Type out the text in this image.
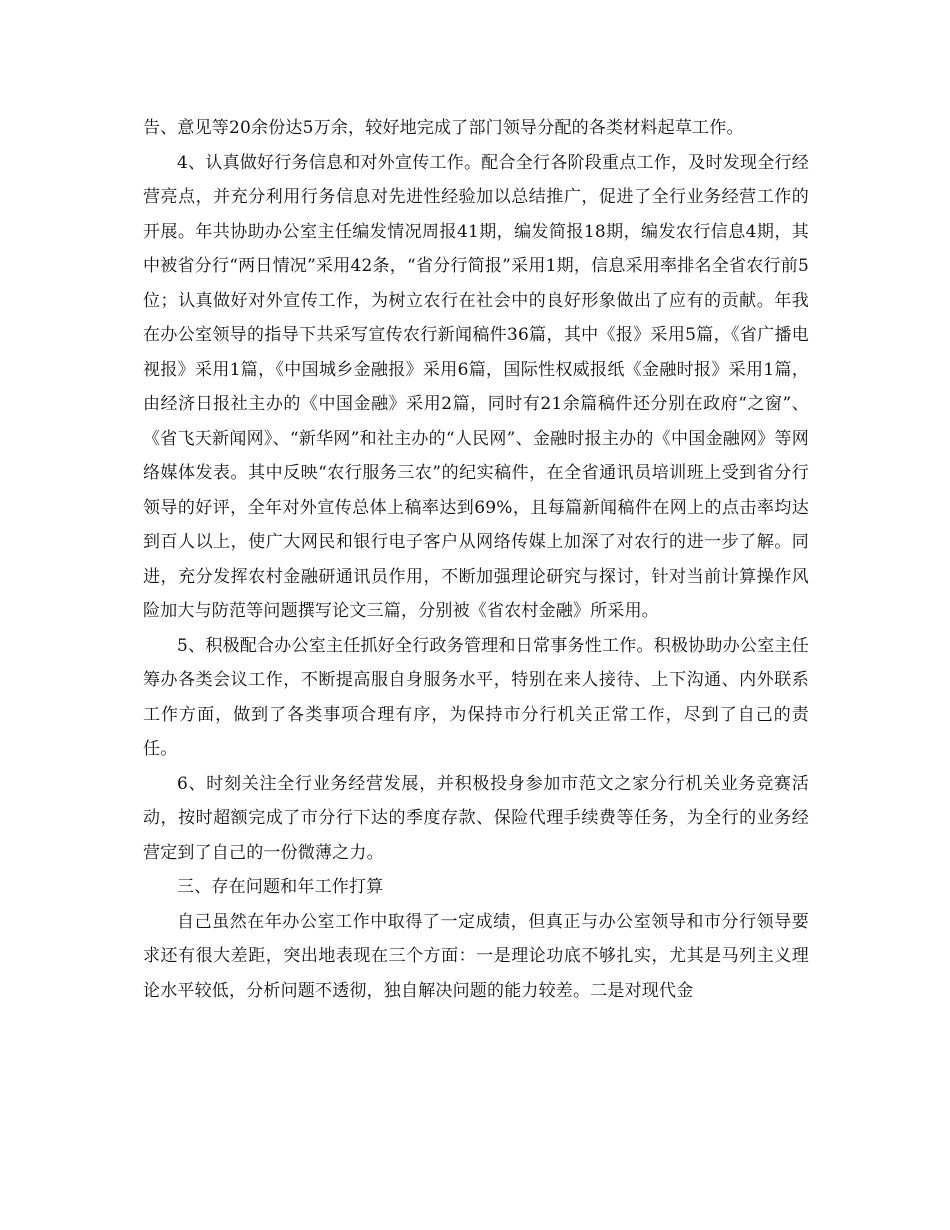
告、意见等20余份达5万余，较好地完成了部门领导分配的各类材料起草工作。

4、认真做好行务信息和对外宣传工作。配合全行各阶段重点工作，及时发现全行经营亮点，并充分利用行务信息对先进性经验加以总结推广，促进了全行业务经营工作的开展。年共协助办公室主任编发情况周报41期，编发简报18期，编发农行信息4期，其中被省分行“两日情况”采用42条，“省分行简报”采用1期，信息采用率排名全省农行前5位；认真做好对外宣传工作，为树立农行在社会中的良好形象做出了应有的贡献。年我在办公室领导的指导下共采写宣传农行新闻稿件36篇，其中《报》采用5篇，《省广播电视报》采用1篇，《中国城乡金融报》采用6篇，国际性权威报纸《金融时报》采用1篇，由经济日报社主办的《中国金融》采用2篇，同时有21余篇稿件还分别在政府“之窗”、《省飞天新闻网》、“新华网”和社主办的“人民网”、金融时报主办的《中国金融网》等网络媒体发表。其中反映“农行服务三农”的纪实稿件，在全省通讯员培训班上受到省分行领导的好评，全年对外宣传总体上稿率达到69%，且每篇新闻稿件在网上的点击率均达到百人以上，使广大网民和银行电子客户从网络传媒上加深了对农行的进一步了解。同进，充分发挥农村金融研通讯员作用，不断加强理论研究与探讨，针对当前计算操作风险加大与防范等问题撰写论文三篇，分别被《省农村金融》所采用。

5、积极配合办公室主任抓好全行政务管理和日常事务性工作。积极协助办公室主任筹办各类会议工作，不断提高服自身服务水平，特别在来人接待、上下沟通、内外联系工作方面，做到了各类事项合理有序，为保持市分行机关正常工作，尽到了自己的责任。

6、时刻关注全行业务经营发展，并积极投身参加市范文之家分行机关业务竞赛活动，按时超额完成了市分行下达的季度存款、保险代理手续费等任务，为全行的业务经营定到了自己的一份微薄之力。

三、存在问题和年工作打算

自己虽然在年办公室工作中取得了一定成绩，但真正与办公室领导和市分行领导要求还有很大差距，突出地表现在三个方面：一是理论功底不够扎实，尤其是马列主义理论水平较低，分析问题不透彻，独自解决问题的能力较差。二是对现代金
